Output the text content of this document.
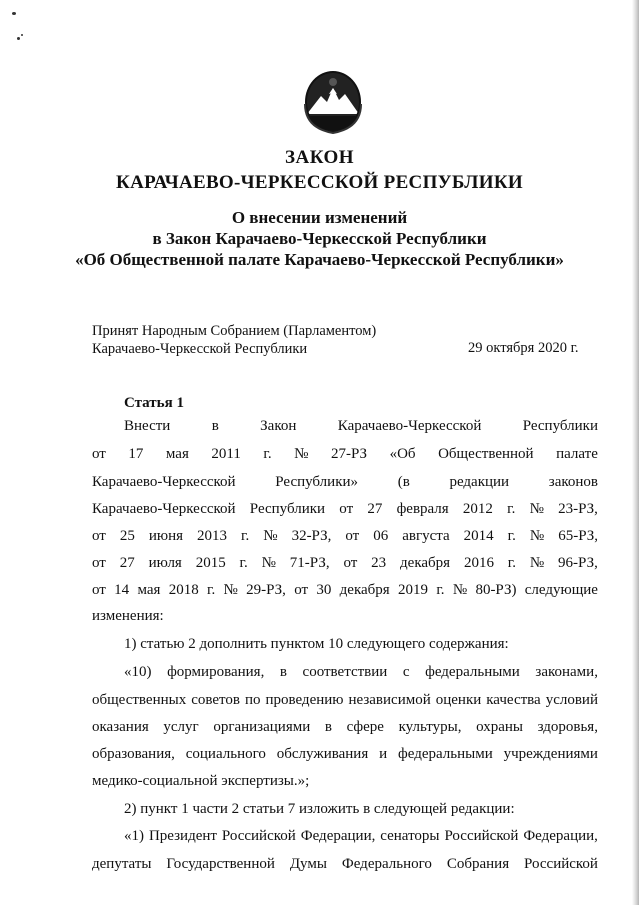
ЗАКОН
КАРАЧАЕВО-ЧЕРКЕССКОЙ РЕСПУБЛИКИ
О внесении изменений
в Закон Карачаево-Черкесской Республики
«Об Общественной палате Карачаево-Черкесской Республики»
Принят Народным Собранием (Парламентом)
Карачаево-Черкесской Республики	29 октября 2020 г.
Статья 1
Внести	в	Закон	Карачаево-Черкесской	Республики
от 17 мая 2011 г. № 27-РЗ «Об Общественной палате
Карачаево-Черкесской	Республики»	(в	редакции	законов
Карачаево-Черкесской Республики от 27 февраля 2012 г. № 23-РЗ,
от 25 июня 2013 г. № 32-РЗ, от 06 августа 2014 г. № 65-РЗ,
от 27 июля 2015 г. № 71-РЗ, от 23 декабря 2016 г. № 96-РЗ,
от 14 мая 2018 г. № 29-РЗ, от 30 декабря 2019 г. № 80-РЗ) следующие
изменения:
1) статью 2 дополнить пунктом 10 следующего содержания:
«10) формирования, в соответствии с федеральными законами,
общественных советов по проведению независимой оценки качества условий
оказания услуг организациями в сфере культуры, охраны здоровья,
образования, социального обслуживания и федеральными учреждениями
медико-социальной экспертизы.»;
2) пункт 1 части 2 статьи 7 изложить в следующей редакции:
«1) Президент Российской Федерации, сенаторы Российской Федерации,
депутаты Государственной Думы Федерального Собрания Российской
